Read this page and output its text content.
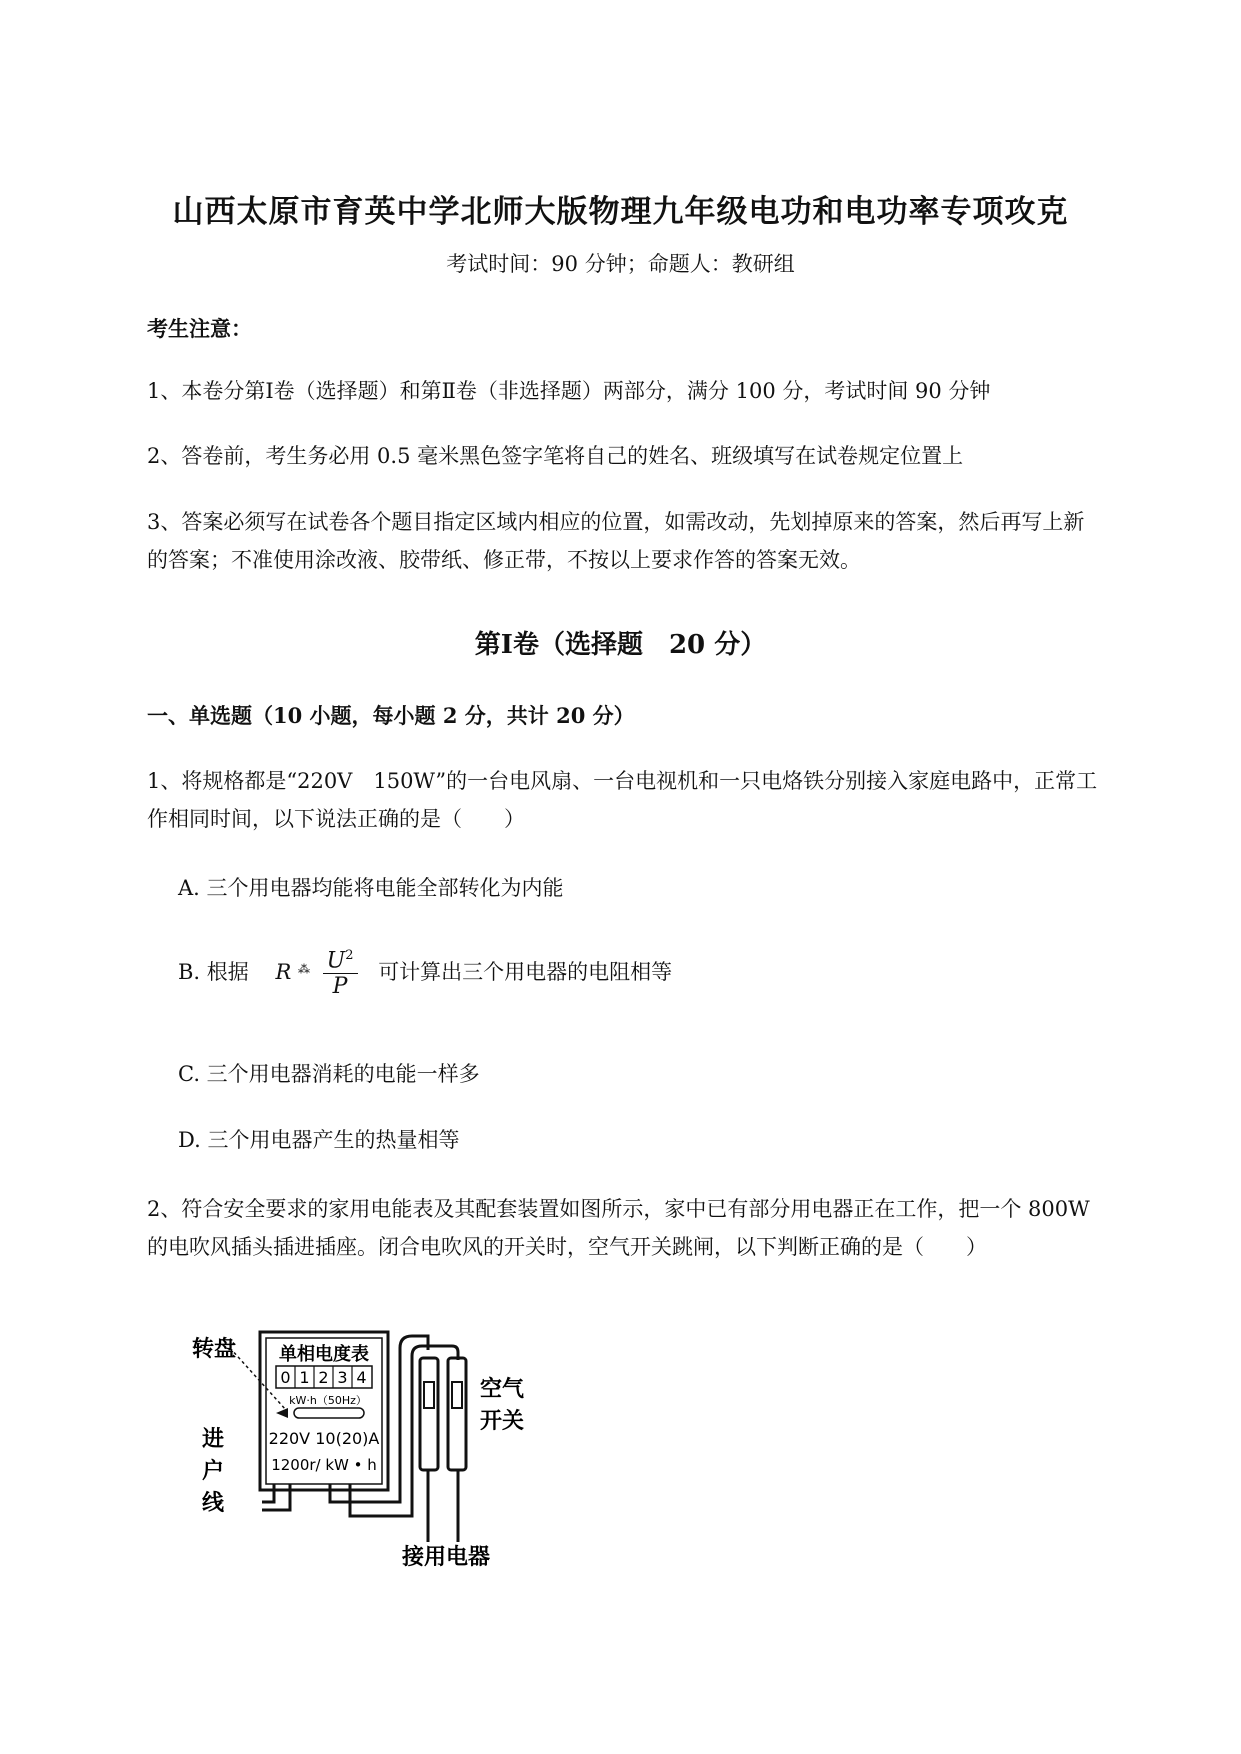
山西太原市育英中学北师大版物理九年级电功和电功率专项攻克
考试时间：90 分钟；命题人：教研组
考生注意：
1、本卷分第Ⅰ卷（选择题）和第Ⅱ卷（非选择题）两部分，满分 100 分，考试时间 90 分钟
2、答卷前，考生务必用 0.5 毫米黑色签字笔将自己的姓名、班级填写在试卷规定位置上
3、答案必须写在试卷各个题目指定区域内相应的位置，如需改动，先划掉原来的答案，然后再写上新
的答案；不准使用涂改液、胶带纸、修正带，不按以上要求作答的答案无效。
第Ⅰ卷（选择题　20 分）
一、单选题（10 小题，每小题 2 分，共计 20 分）
1、将规格都是“220V　150W”的一台电风扇、一台电视机和一只电烙铁分别接入家庭电路中，正常工
作相同时间，以下说法正确的是（　　）
A. 三个用电器均能将电能全部转化为内能
B. 根据 R $^⁂ \frac{U^2}{P}$ 可计算出三个用电器的电阻相等
C. 三个用电器消耗的电能一样多
D. 三个用电器产生的热量相等
2、符合安全要求的家用电能表及其配套装置如图所示，家中已有部分用电器正在工作，把一个 800W
的电吹风插头插进插座。闭合电吹风的开关时，空气开关跳闸，以下判断正确的是（　　）
转盘 单相电度表
0 1 2 3 4
kW·h（50Hz）
220V 10(20)A
1200r/ kW • h
进
户
线
空气
开关
接用电器
